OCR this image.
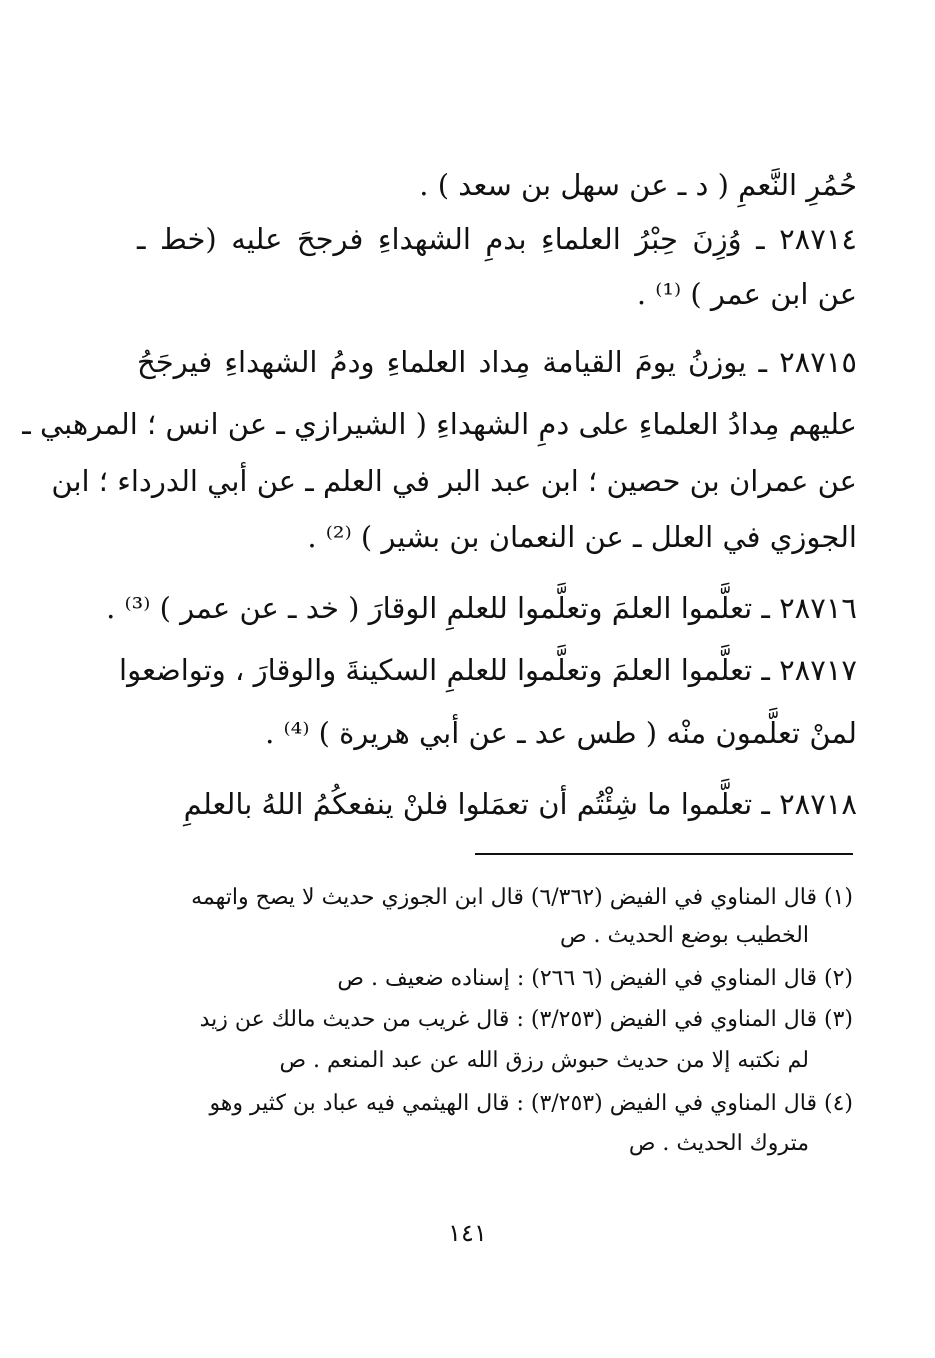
حُمُرِ النَّعمِ ( د ـ عن سهل بن سعد ) .
٢٨٧١٤ ـ وُزِنَ حِبْرُ العلماءِ بدمِ الشهداءِ فرجحَ عليه (خط ـ
عن ابن عمر ) ⁽¹⁾ .
٢٨٧١٥ ـ يوزنُ يومَ القيامة مِداد العلماءِ ودمُ الشهداءِ فيرجَحُ
عليهم مِدادُ العلماءِ على دمِ الشهداءِ ( الشيرازي ـ عن انس ؛ المرهبي ـ
عن عمران بن حصين ؛ ابن عبد البر في العلم ـ عن أبي الدرداء ؛ ابن
الجوزي في العلل ـ عن النعمان بن بشير ) ⁽²⁾ .
٢٨٧١٦ ـ تعلَّموا العلمَ وتعلَّموا للعلمِ الوقارَ ( خد ـ عن عمر ) ⁽³⁾ .
٢٨٧١٧ ـ تعلَّموا العلمَ وتعلَّموا للعلمِ السكينةَ والوقارَ ، وتواضعوا
لمنْ تعلَّمون منْه ( طس عد ـ عن أبي هريرة ) ⁽⁴⁾ .
٢٨٧١٨ ـ تعلَّموا ما شِئْتُم أن تعمَلوا فلنْ ينفعكُمُ اللهُ بالعلمِ
(١) قال المناوي في الفيض (٦/٣٦٢) قال ابن الجوزي حديث لا يصح واتهمه
الخطيب بوضع الحديث . ص
(٢) قال المناوي في الفيض (٦ ٢٦٦) : إسناده ضعيف . ص
(٣) قال المناوي في الفيض (٣/٢٥٣) : قال غريب من حديث مالك عن زيد
لم نكتبه إلا من حديث حبوش رزق الله عن عبد المنعم . ص
(٤) قال المناوي في الفيض (٣/٢٥٣) : قال الهيثمي فيه عباد بن كثير وهو
متروك الحديث . ص
١٤١
